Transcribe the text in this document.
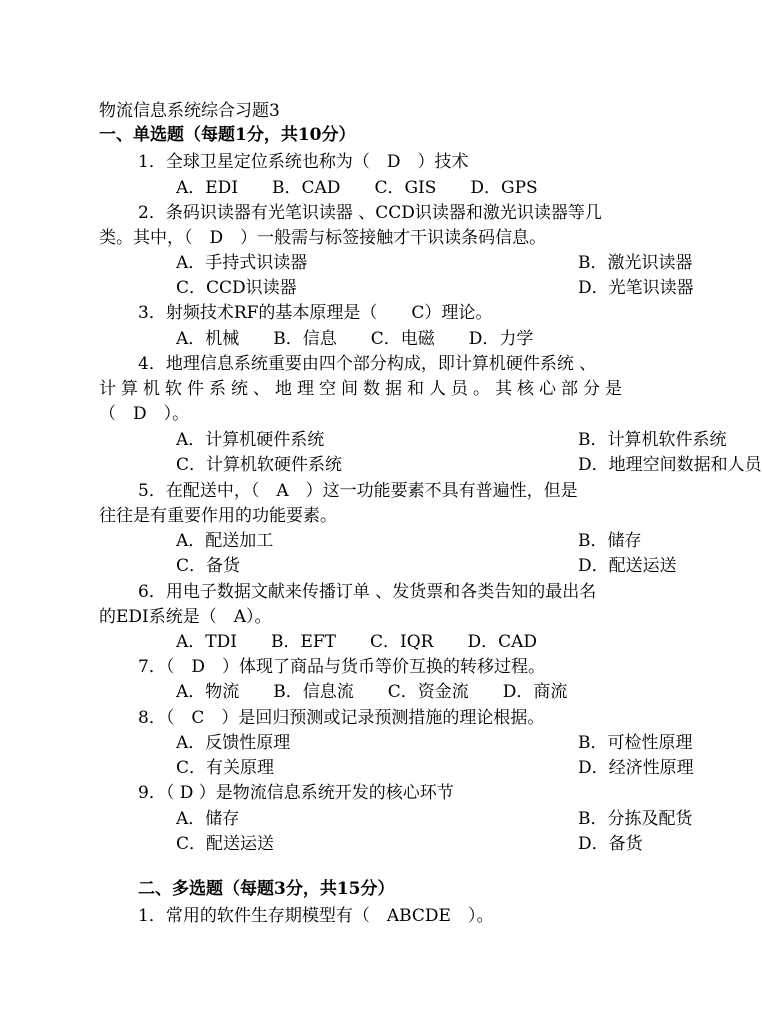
物流信息系统综合习题3
一、单选题（每题1分，共10分）
1．全球卫星定位系统也称为（　D　）技术
A．EDI　　B．CAD　　C．GIS　　D．GPS
2．条码识读器有光笔识读器 、CCD识读器和激光识读器等几
类。其中，（　D　）一般需与标签接触才干识读条码信息。
A．手持式识读器	B．激光识读器
C．CCD识读器	D．光笔识读器
3．射频技术RF的基本原理是（　　C）理论。
A．机械　　B．信息　　C．电磁　　D．力学
4．地理信息系统重要由四个部分构成，即计算机硬件系统 、
计算机软件系统、地理空间数据和人员。其核心部分是
（　D　）。
A．计算机硬件系统	B．计算机软件系统
C．计算机软硬件系统	D．地理空间数据和人员
5．在配送中，（　A　）这一功能要素不具有普遍性，但是
往往是有重要作用的功能要素。
A．配送加工	B．储存
C．备货	D．配送运送
6．用电子数据文献来传播订单 、发货票和各类告知的最出名
的EDI系统是（　A）。
A．TDI　　B．EFT　　C．IQR　　D．CAD
7．（　D　）体现了商品与货币等价互换的转移过程。
A．物流　　B．信息流　　C．资金流　　D．商流
8．（　C　）是回归预测或记录预测措施的理论根据。
A．反馈性原理	B．可检性原理
C．有关原理	D．经济性原理
9．（ D ）是物流信息系统开发的核心环节
A．储存	B．分拣及配货
C．配送运送	D．备货
二、多选题（每题3分，共15分）
1．常用的软件生存期模型有（　ABCDE　）。
